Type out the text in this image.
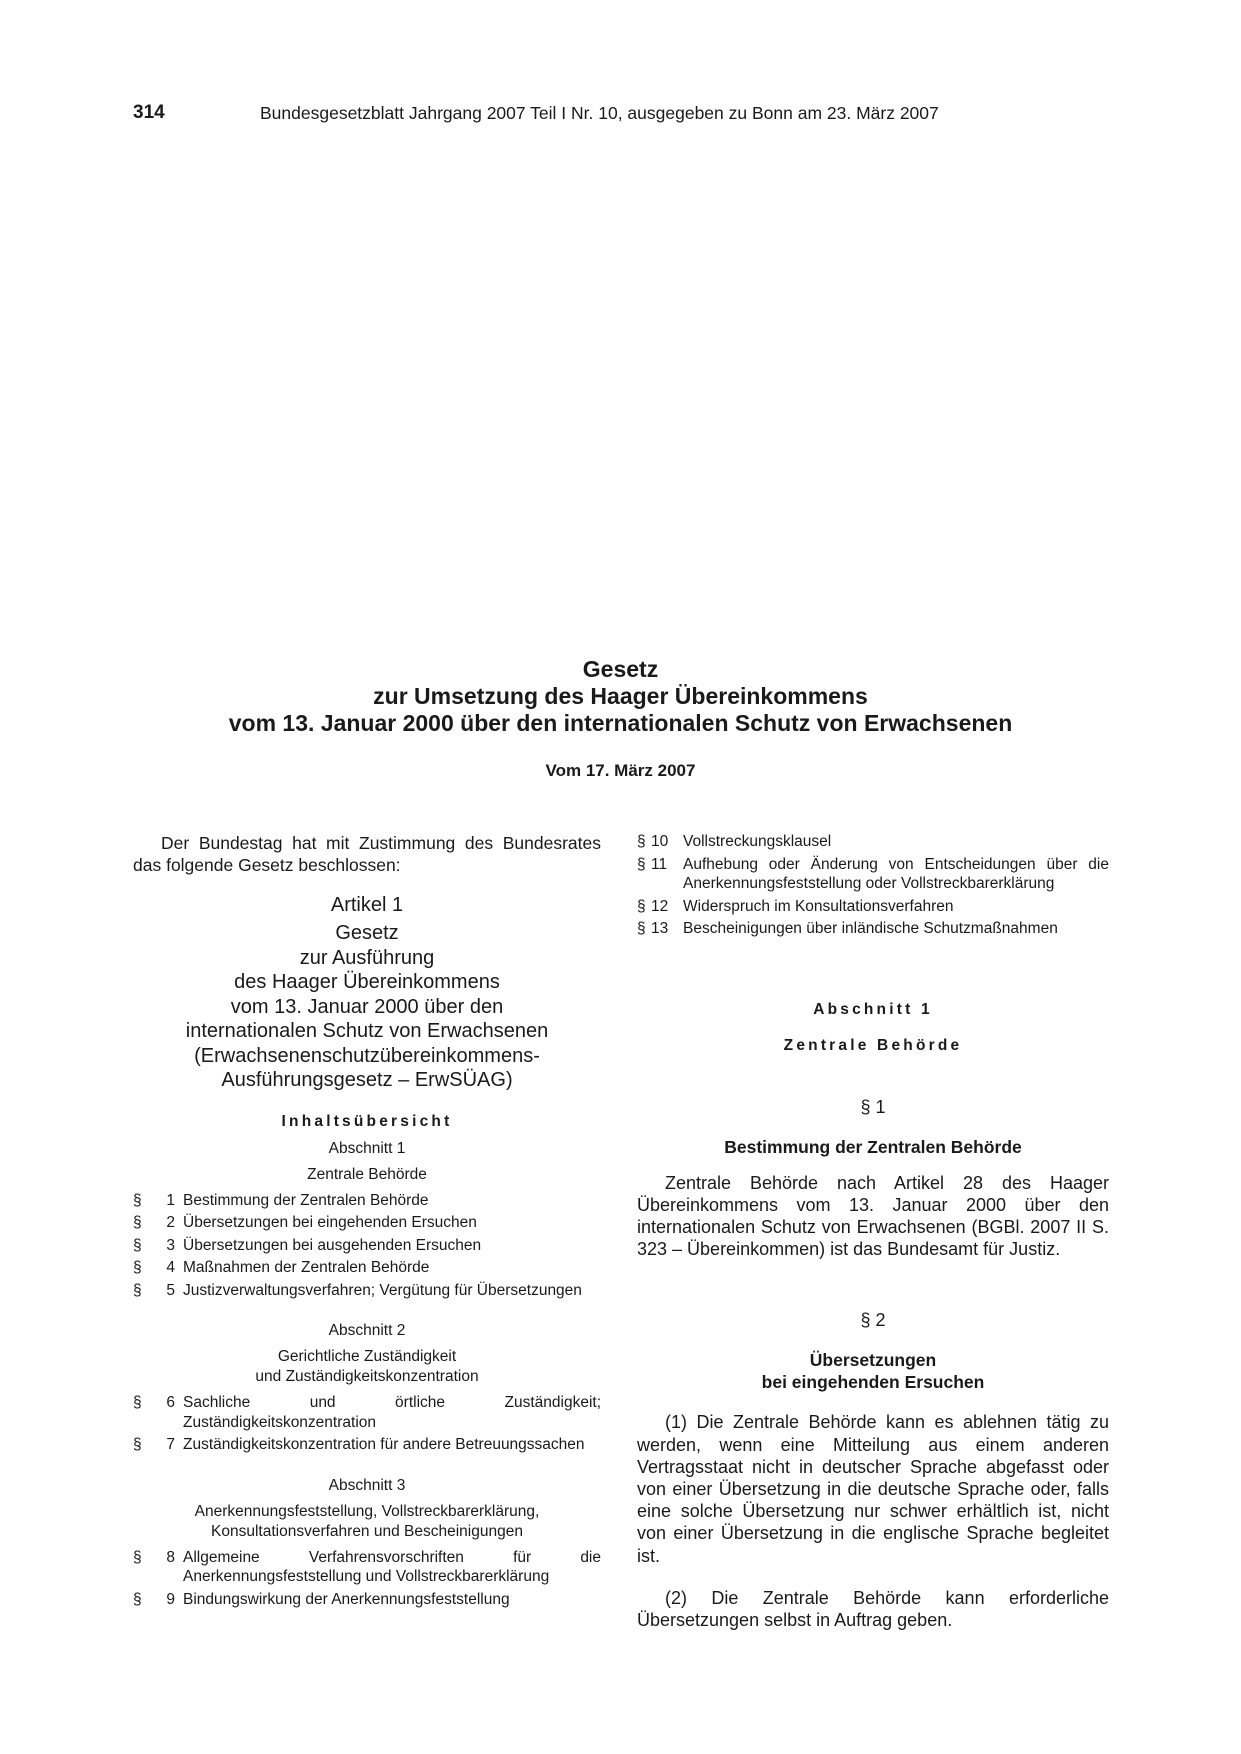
314	Bundesgesetzblatt Jahrgang 2007 Teil I Nr. 10, ausgegeben zu Bonn am 23. März 2007

Gesetz

zur Umsetzung des Haager Übereinkommens

vom 13. Januar 2000 über den internationalen Schutz von Erwachsenen

Vom 17. März 2007

Der Bundestag hat mit Zustimmung des Bundesrates das folgende Gesetz beschlossen:

Artikel 1

Gesetz

zur Ausführung

des Haager Übereinkommens

vom 13. Januar 2000 über den

internationalen Schutz von Erwachsenen

(Erwachsenenschutzübereinkommens-

Ausführungsgesetz – ErwSÜAG)

Inhaltsübersicht

Abschnitt 1

Zentrale Behörde

§	1 Bestimmung der Zentralen Behörde
§	2 Übersetzungen bei eingehenden Ersuchen
§	3 Übersetzungen bei ausgehenden Ersuchen
§	4 Maßnahmen der Zentralen Behörde
§	5 Justizverwaltungsverfahren; Vergütung für Übersetzungen

Abschnitt 2

Gerichtliche Zuständigkeit

und Zuständigkeitskonzentration

§	6 Sachliche und örtliche Zuständigkeit; Zuständigkeitskonzentration
§	7 Zuständigkeitskonzentration für andere Betreuungssachen

Abschnitt 3

Anerkennungsfeststellung, Vollstreckbarerklärung,

Konsultationsverfahren und Bescheinigungen

§	8 Allgemeine Verfahrensvorschriften für die Anerkennungsfeststellung und Vollstreckbarerklärung
§	9 Bindungswirkung der Anerkennungsfeststellung
§ 10 Vollstreckungsklausel
§ 11	Aufhebung oder Änderung von Entscheidungen über die Anerkennungsfeststellung oder Vollstreckbarerklärung
§ 12 Widerspruch im Konsultationsverfahren
§ 13 Bescheinigungen über inländische Schutzmaßnahmen
Abschnitt 1
Zentrale Behörde
§ 1
Bestimmung der Zentralen Behörde

Zentrale Behörde nach Artikel 28 des Haager Übereinkommens vom 13. Januar 2000 über den internationalen Schutz von Erwachsenen (BGBl. 2007 II S. 323 – Übereinkommen) ist das Bundesamt für Justiz.

§ 2
Übersetzungen
bei eingehenden Ersuchen

(1) Die Zentrale Behörde kann es ablehnen tätig zu werden, wenn eine Mitteilung aus einem anderen Vertragsstaat nicht in deutscher Sprache abgefasst oder von einer Übersetzung in die deutsche Sprache oder, falls eine solche Übersetzung nur schwer erhältlich ist, nicht von einer Übersetzung in die englische Sprache begleitet ist.

(2) Die Zentrale Behörde kann erforderliche Übersetzungen selbst in Auftrag geben.
